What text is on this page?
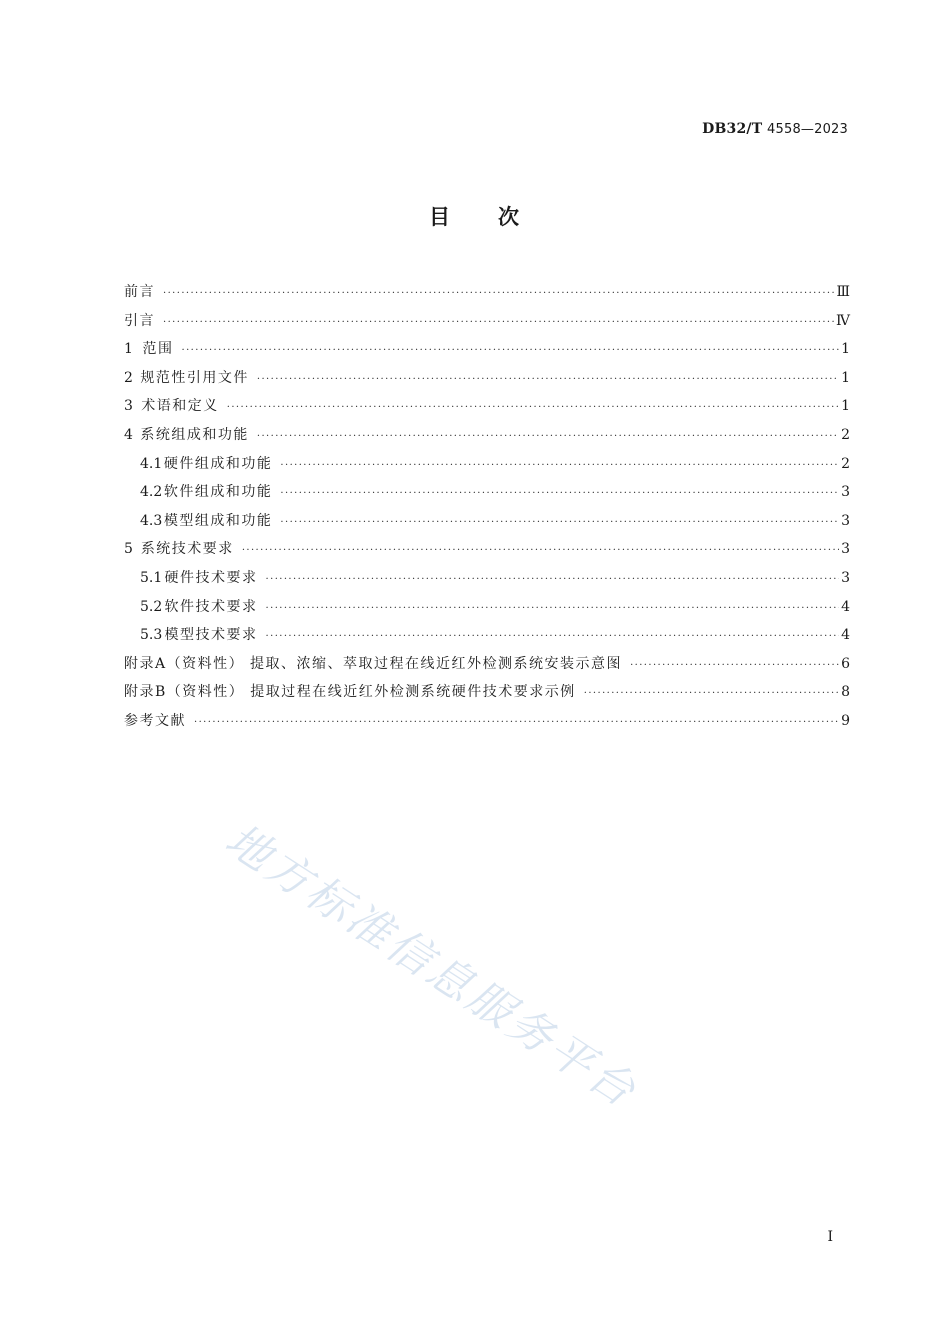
DB32/T 4558—2023
目 次
前言 ·····	Ⅲ
引言 ·····	Ⅳ
1 范围 ·····	1
2 规范性引用文件 ·····	1
3 术语和定义 ·····	1
4 系统组成和功能 ·····	2
4.1 硬件组成和功能 ·····	2
4.2 软件组成和功能 ·····	3
4.3 模型组成和功能 ·····	3
5 系统技术要求 ·····	3
5.1 硬件技术要求 ·····	3
5.2 软件技术要求 ·····	4
5.3 模型技术要求 ·····	4
附录A（资料性） 提取、浓缩、萃取过程在线近红外检测系统安装示意图 ·····	6
附录B（资料性） 提取过程在线近红外检测系统硬件技术要求示例 ·····	8
参考文献 ·····	9
地方标准信息服务平台
I
